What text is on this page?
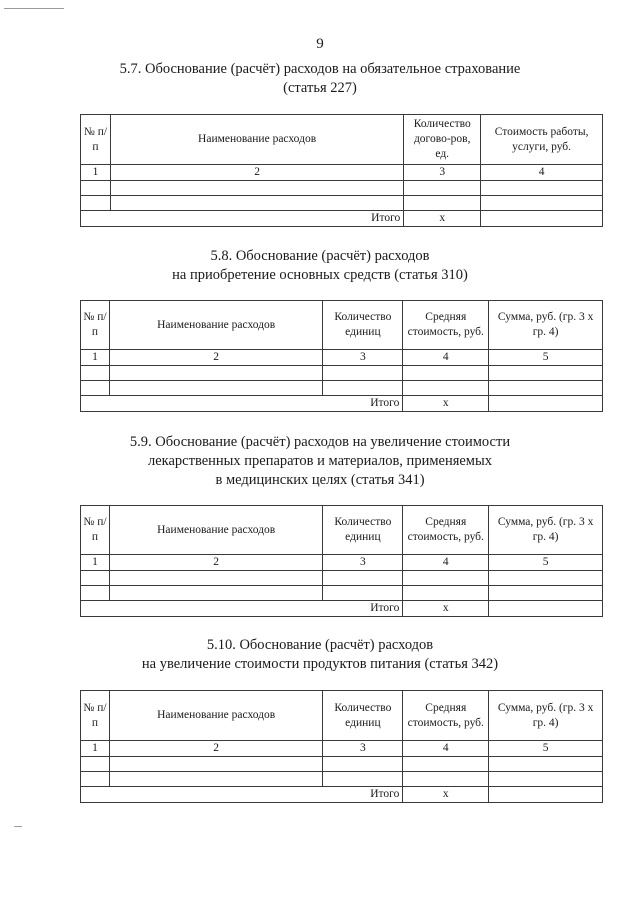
9
5.7. Обоснование (расчёт) расходов на обязательное страхование
(статья 227)
№ п/п	Наименование расходов	Количество догово-ров, ед.	Стоимость работы, услуги, руб.
1	2	3	4

Итого		х	
5.8. Обоснование (расчёт) расходов
на приобретение основных средств (статья 310)
№ п/п	Наименование расходов	Количество единиц	Средняя стоимость, руб.	Сумма, руб. (гр. 3 х гр. 4)
1	2	3	4	5

Итого			х	
5.9. Обоснование (расчёт) расходов на увеличение стоимости
лекарственных препаратов и материалов, применяемых
в медицинских целях (статья 341)
№ п/п	Наименование расходов	Количество единиц	Средняя стоимость, руб.	Сумма, руб. (гр. 3 х гр. 4)
1	2	3	4	5

Итого			х	
5.10. Обоснование (расчёт) расходов
на увеличение стоимости продуктов питания (статья 342)
№ п/п	Наименование расходов	Количество единиц	Средняя стоимость, руб.	Сумма, руб. (гр. 3 х гр. 4)
1	2	3	4	5

Итого			х	
